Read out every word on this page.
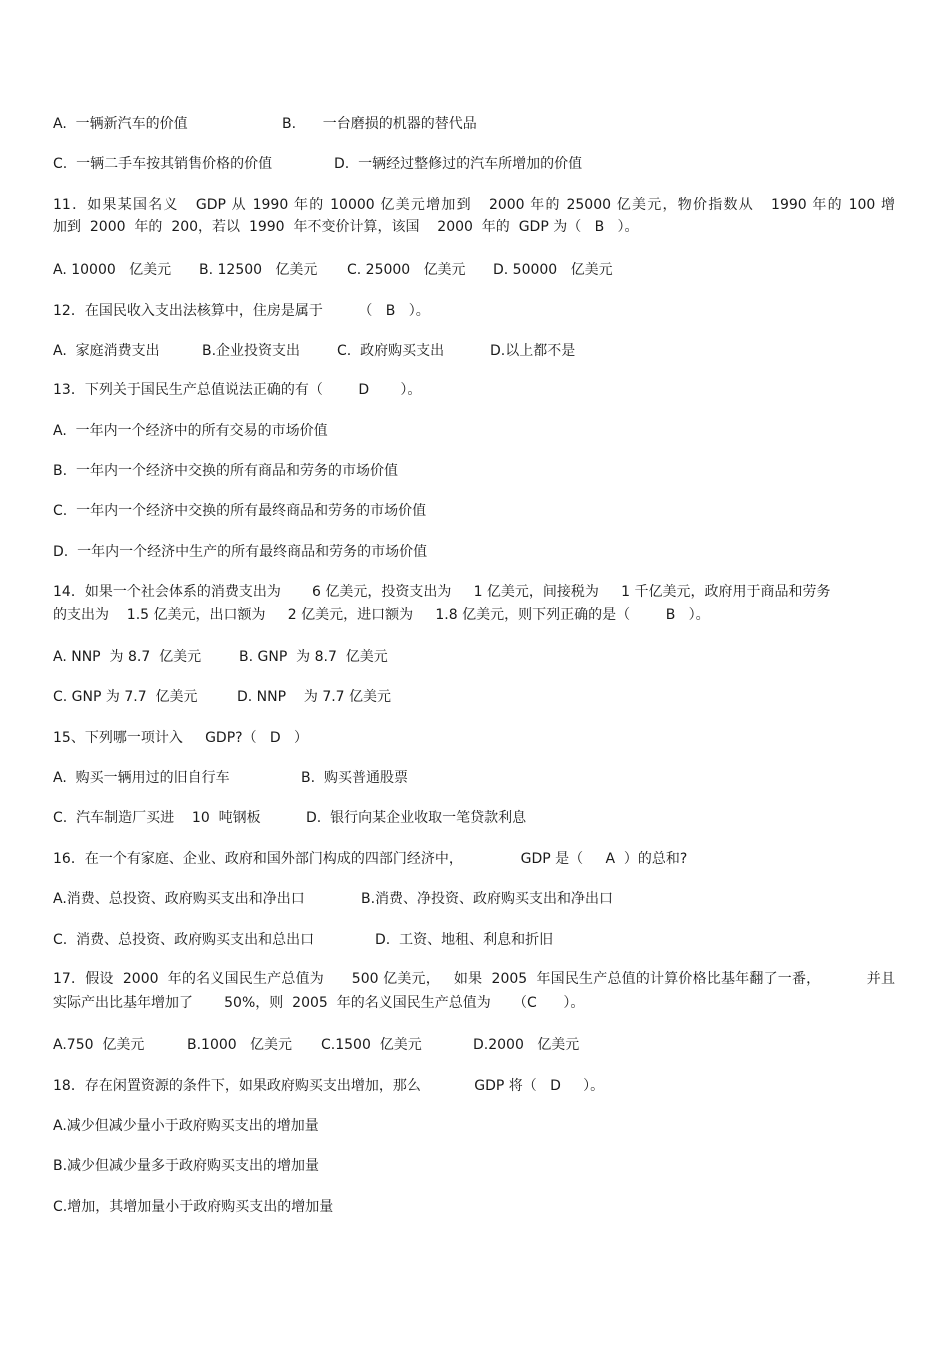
A.  一辆新汽车的价值

	B.      一台磨损的机器的替代品

C.  一辆二手车按其销售价格的价值

	D.  一辆经过整修过的汽车所增加的价值

11．如果某国名义   GDP 从 1990 年的 10000 亿美元增加到   2000 年的 25000 亿美元，物价指数从   1990 年的 100 增
加到  2000  年的  200，若以  1990  年不变价计算，该国    2000  年的  GDP 为（   B   ）。

A. 10000   亿美元

B. 12500   亿美元

C. 25000   亿美元

D. 50000   亿美元

12．在国民收入支出法核算中，住房是属于        （   B   ）。

A.  家庭消费支出

	B.企业投资支出

	C.  政府购买支出

	D.以上都不是

13．下列关于国民生产总值说法正确的有（        D       ）。
A.  一年内一个经济中的所有交易的市场价值
B.  一年内一个经济中交换的所有商品和劳务的市场价值
C.  一年内一个经济中交换的所有最终商品和劳务的市场价值
D.  一年内一个经济中生产的所有最终商品和劳务的市场价值
14．如果一个社会体系的消费支出为       6 亿美元，投资支出为     1 亿美元，间接税为     1 千亿美元，政府用于商品和劳务
的支出为    1.5 亿美元，出口额为     2 亿美元，进口额为     1.8 亿美元，则下列正确的是（        B   ）。

A. NNP  为 8.7  亿美元

	B. GNP  为 8.7  亿美元

C. GNP 为 7.7  亿美元

	D. NNP    为 7.7 亿美元

15、下列哪一项计入     GDP?（   D   ）

A.  购买一辆用过的旧自行车

	B.  购买普通股票

C.  汽车制造厂买进    10  吨钢板

	D.  银行向某企业收取一笔贷款利息

16．在一个有家庭、企业、政府和国外部门构成的四部门经济中，             GDP 是（     A  ）的总和?

A.消费、总投资、政府购买支出和净出口

	B.消费、净投资、政府购买支出和净出口

C.  消费、总投资、政府购买支出和总出口

	D.  工资、地租、利息和折旧

17．假设  2000  年的名义国民生产总值为      500 亿美元，   如果  2005  年国民生产总值的计算价格比基年翻了一番，          并且
实际产出比基年增加了       50%，则  2005  年的名义国民生产总值为     （C      ）。

A.750  亿美元

	B.1000   亿美元

C.1500  亿美元

	D.2000   亿美元

18．存在闲置资源的条件下，如果政府购买支出增加，那么            GDP 将（   D     ）。
A.减少但减少量小于政府购买支出的增加量
B.减少但减少量多于政府购买支出的增加量
C.增加，其增加量小于政府购买支出的增加量
